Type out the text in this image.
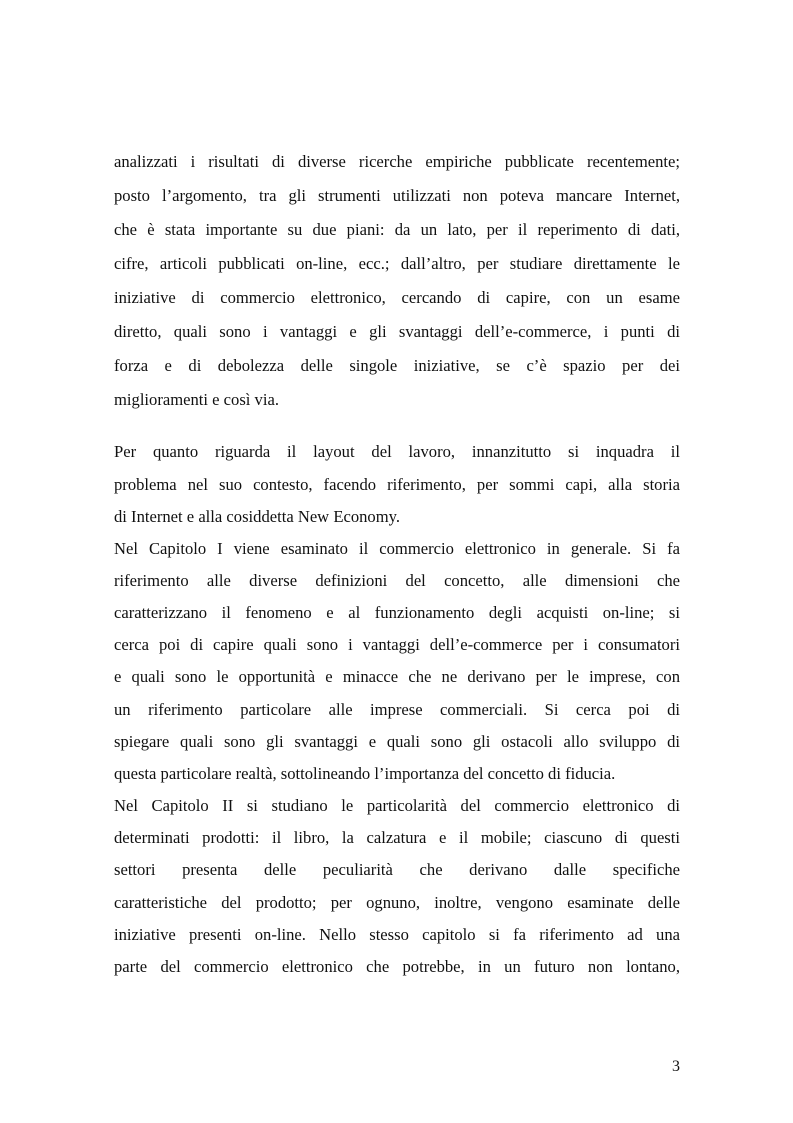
analizzati i risultati di diverse ricerche empiriche pubblicate recentemente;
posto l’argomento, tra gli strumenti utilizzati non poteva mancare Internet,
che è stata importante su due piani: da un lato, per il reperimento di dati,
cifre, articoli pubblicati on-line, ecc.; dall’altro, per studiare direttamente le
iniziative di commercio elettronico, cercando di capire, con un esame
diretto, quali sono i vantaggi e gli svantaggi dell’e-commerce, i punti di
forza e di debolezza delle singole iniziative, se c’è spazio per dei
miglioramenti e così via.
Per quanto riguarda il layout del lavoro, innanzitutto si inquadra il
problema nel suo contesto, facendo riferimento, per sommi capi, alla storia
di Internet e alla cosiddetta New Economy.
Nel Capitolo I viene esaminato il commercio elettronico in generale. Si fa
riferimento alle diverse definizioni del concetto, alle dimensioni che
caratterizzano il fenomeno e al funzionamento degli acquisti on-line; si
cerca poi di capire quali sono i vantaggi dell’e-commerce per i consumatori
e quali sono le opportunità e minacce che ne derivano per le imprese, con
un riferimento particolare alle imprese commerciali. Si cerca poi di
spiegare quali sono gli svantaggi e quali sono gli ostacoli allo sviluppo di
questa particolare realtà, sottolineando l’importanza del concetto di fiducia.
Nel Capitolo II si studiano le particolarità del commercio elettronico di
determinati prodotti: il libro, la calzatura e il mobile; ciascuno di questi
settori presenta delle peculiarità che derivano dalle specifiche
caratteristiche del prodotto; per ognuno, inoltre, vengono esaminate delle
iniziative presenti on-line. Nello stesso capitolo si fa riferimento ad una
parte del commercio elettronico che potrebbe, in un futuro non lontano,
3
